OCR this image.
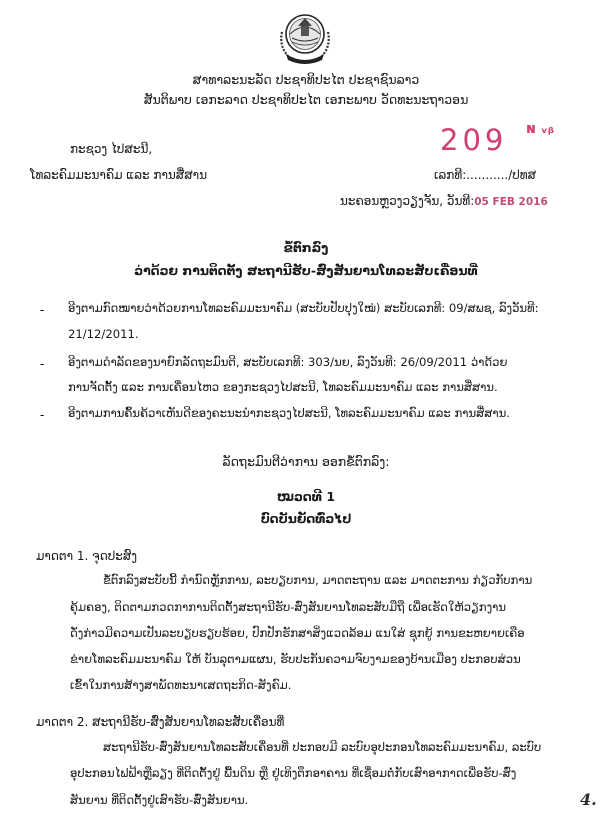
ສາທາລະນະລັດ ປະຊາທິປະໄຕ ປະຊາຊົນລາວ
ສັນຕິພາບ ເອກະລາດ ປະຊາທິປະໄຕ ເອກະພາບ ວັດທະນະຖາວອນ
ກະຊວງ ໄປສະນີ,
ໂທລະຄົມມະນາຄົມ ແລະ ການສື່ສານ
209 ɴ ᵥᵦ
ເລກທີ:.........../ປທສ
ນະຄອນຫຼວງວຽງຈັນ, ວັນທີ:05 FEB 2016
ຂໍ້ຕົກລົງ
ວ່າດ້ວຍ ການຕິດຕັ້ງ ສະຖານີຮັບ-ສົ່ງສັນຍານໂທລະສັບເຄື່ອນທີ່
- ອີງຕາມກົດໝາຍວ່າດ້ວຍການໂທລະຄົມມະນາຄົມ (ສະບັບປັບປຸງໃໝ່) ສະບັບເລກທີ: 09/ສພຊ, ລົງວັນທີ:
21/12/2011.
- ອີງຕາມດຳລັດຂອງນາຍົກລັດຖະມົນຕີ, ສະບັບເລກທີ: 303/ນຍ, ລົງວັນທີ: 26/09/2011 ວ່າດ້ວຍ
ການຈັດຕັ້ງ ແລະ ການເຄື່ອນໄຫວ ຂອງກະຊວງໄປສະນີ, ໂທລະຄົມມະນາຄົມ ແລະ ການສື່ສານ.
- ອີງຕາມການຄົ້ນຄ້ວາເຫັນດີຂອງຄະນະນຳກະຊວງໄປສະນີ, ໂທລະຄົມມະນາຄົມ ແລະ ການສື່ສານ.
ລັດຖະມົນຕີວ່າການ ອອກຂໍ້ຕົກລົງ:
ໝວດທີ 1
ບົດບັນຍັດທົ່ວໄປ
ມາດຕາ 1. ຈຸດປະສົງ
ຂໍ້ຕົກລົງສະບັບນີ້ ກຳນົດຫຼັກການ, ລະບຽບການ, ມາດຕະຖານ ແລະ ມາດຕະການ ກ່ຽວກັບການ
ຄຸ້ມຄອງ, ຕິດຕາມກວດກາການຕິດຕັ້ງສະຖານີຮັບ-ສົ່ງສັນຍານໂທລະສັບມືຖື ເພື່ອເຮັດໃຫ້ວຽກງານ
ດັ່ງກ່າວມີຄວາມເປັນລະບຽບຮຽບຮ້ອຍ, ປົກປັກຮັກສາສິ່ງແວດລ້ອມ ແນໃສ່ ຊຸກຍູ້ ການຂະຫຍາຍເຄືອ
ຂ່າຍໂທລະຄົມມະນາຄົມ ໃຫ້ ບັນລຸຕາມແຜນ, ຮັບປະກັນຄວາມຈົບງາມຂອງບ້ານເມືອງ ປະກອບສ່ວນ
ເຂົ້າໃນການສ້າງສາພັດທະນາເສດຖະກິດ-ສັງຄົມ.
ມາດຕາ 2. ສະຖານີຮັບ-ສົ່ງສັນຍານໂທລະສັບເຄື່ອນທີ່
ສະຖານີຮັບ-ສົ່ງສັນຍານໂທລະສັບເຄື່ອນທີ່ ປະກອບມີ ລະບົບອຸປະກອນໂທລະຄົມມະນາຄົມ, ລະບົບ
ອຸປະກອນໄຟຟ້າຫຼືລຽງ ທີ່ຕິດຕັ້ງຢູ່ ພື້ນດິນ ຫຼື ຢູ່ເທິງຕຶກອາຄານ ທີ່ເຊື່ອມຕໍ່ກັບເສົາອາກາດເພື່ອຮັບ-ສົ່ງ
ສັນຍານ ທີ່ຕິດຕັ້ງຢູ່ເສົາຮັບ-ສົ່ງສັນຍານ.	4.
